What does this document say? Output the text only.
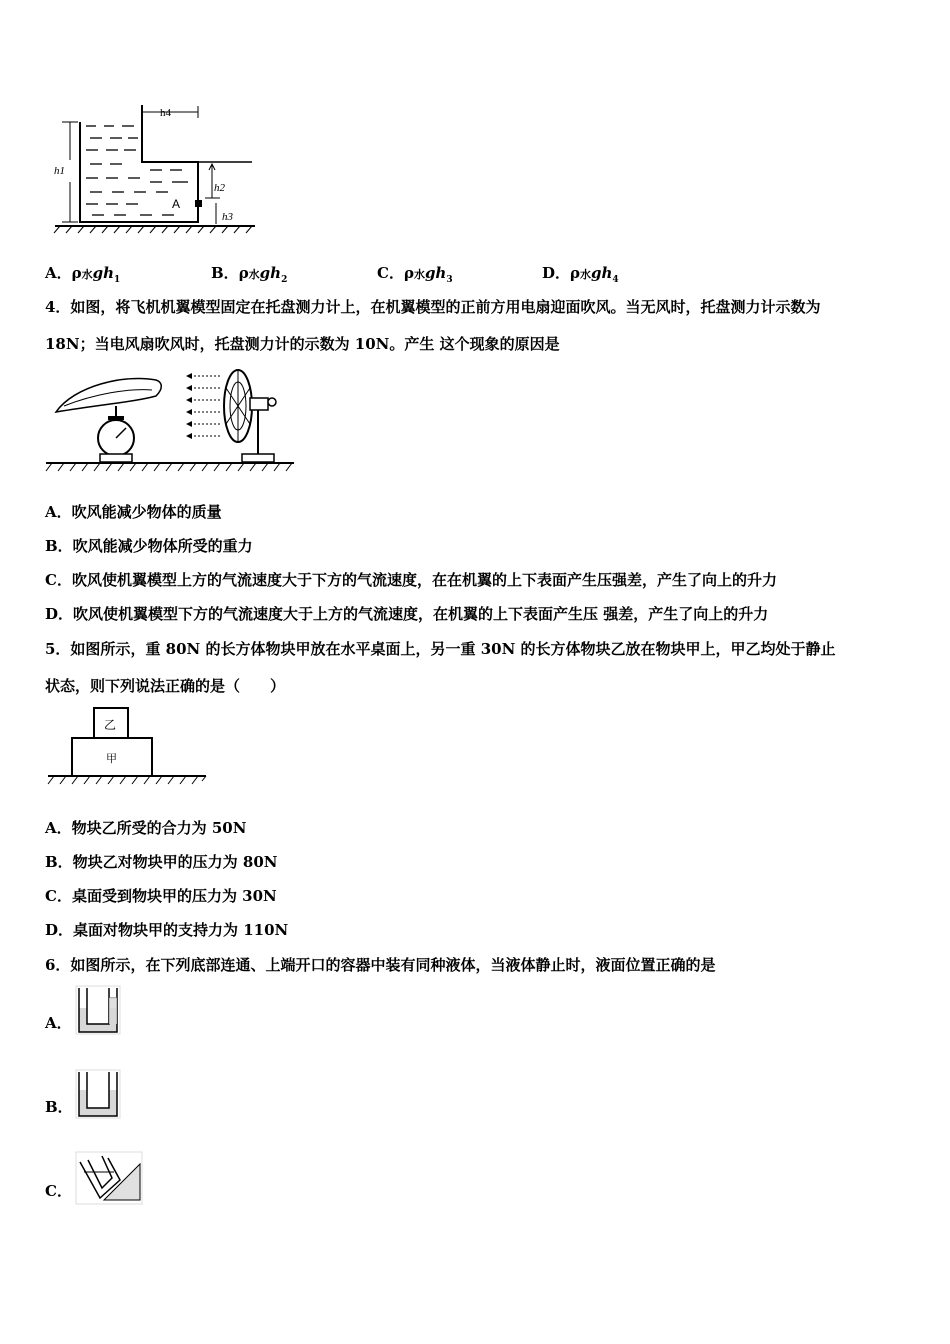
h1
h4
h2
h3
A
A．ρ水$gh_1$	B．ρ水$gh_2$	C．ρ水$gh_3$	D．ρ水$gh_4$
4．如图，将飞机机翼模型固定在托盘测力计上，在机翼模型的正前方用电扇迎面吹风。当无风时，托盘测力计示数为
18N；当电风扇吹风时，托盘测力计的示数为 10N。产生 这个现象的原因是
A．吹风能减少物体的质量
B．吹风能减少物体所受的重力
C．吹风使机翼模型上方的气流速度大于下方的气流速度，在在机翼的上下表面产生压强差，产生了向上的升力
D．吹风使机翼模型下方的气流速度大于上方的气流速度，在机翼的上下表面产生压 强差，产生了向上的升力
5．如图所示，重 80N 的长方体物块甲放在水平桌面上，另一重 30N 的长方体物块乙放在物块甲上，甲乙均处于静止
状态，则下列说法正确的是（　　）
乙
甲
A．物块乙所受的合力为 50N
B．物块乙对物块甲的压力为 80N
C．桌面受到物块甲的压力为 30N
D．桌面对物块甲的支持力为 110N
6．如图所示，在下列底部连通、上端开口的容器中装有同种液体，当液体静止时，液面位置正确的是
A．
B．
C．
